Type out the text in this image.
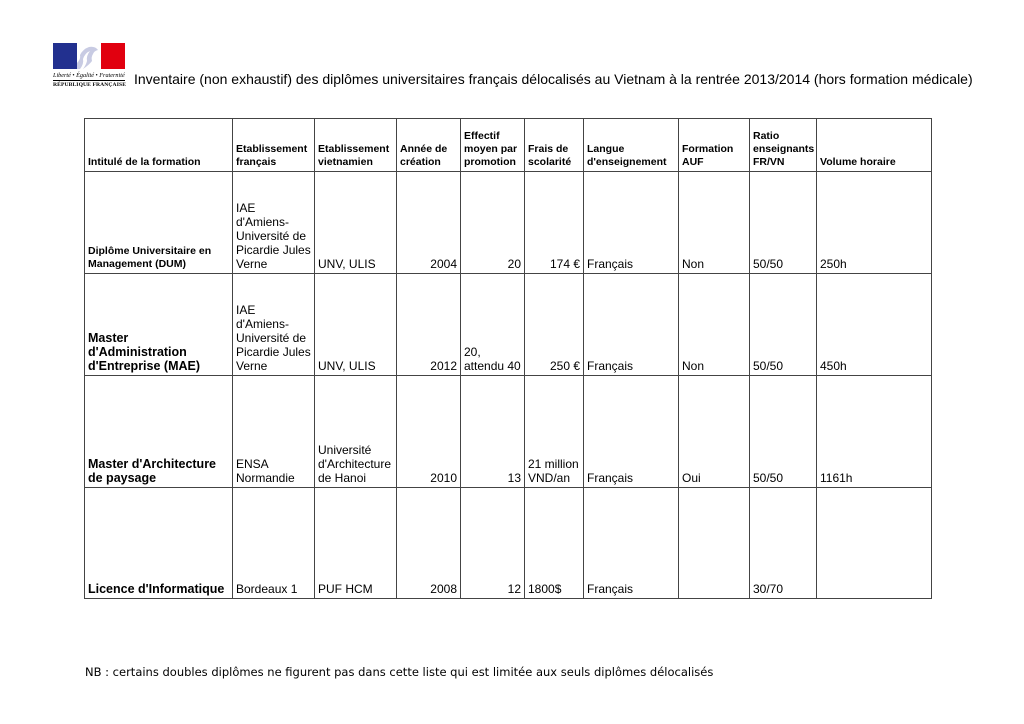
Liberté • Égalité • Fraternité
RÉPUBLIQUE FRANÇAISE Inventaire (non exhaustif) des diplômes universitaires français délocalisés au Vietnam à la rentrée 2013/2014 (hors formation médicale)
Intitulé de la formation	Etablissement français	Etablissement vietnamien	Année de création	Effectif moyen par promotion	Frais de scolarité	Langue d'enseignement	Formation AUF	Ratio enseignants FR/VN	Volume horaire
Diplôme Universitaire en Management (DUM)	IAE d'Amiens-Université de Picardie Jules Verne	UNV, ULIS	2004	20	174 €	Français	Non	50/50	250h
Master d'Administration d'Entreprise (MAE)	IAE d'Amiens-Université de Picardie Jules Verne	UNV, ULIS	2012	20, attendu 40	250 €	Français	Non	50/50	450h
Master d'Architecture de paysage	ENSA Normandie	Université d'Architecture de Hanoi	2010	13	21 million VND/an	Français	Oui	50/50	1161h
Licence d'Informatique	Bordeaux 1	PUF HCM	2008	12	1800$	Français		30/70	
NB : certains doubles diplômes ne figurent pas dans cette liste qui est limitée aux seuls diplômes délocalisés
